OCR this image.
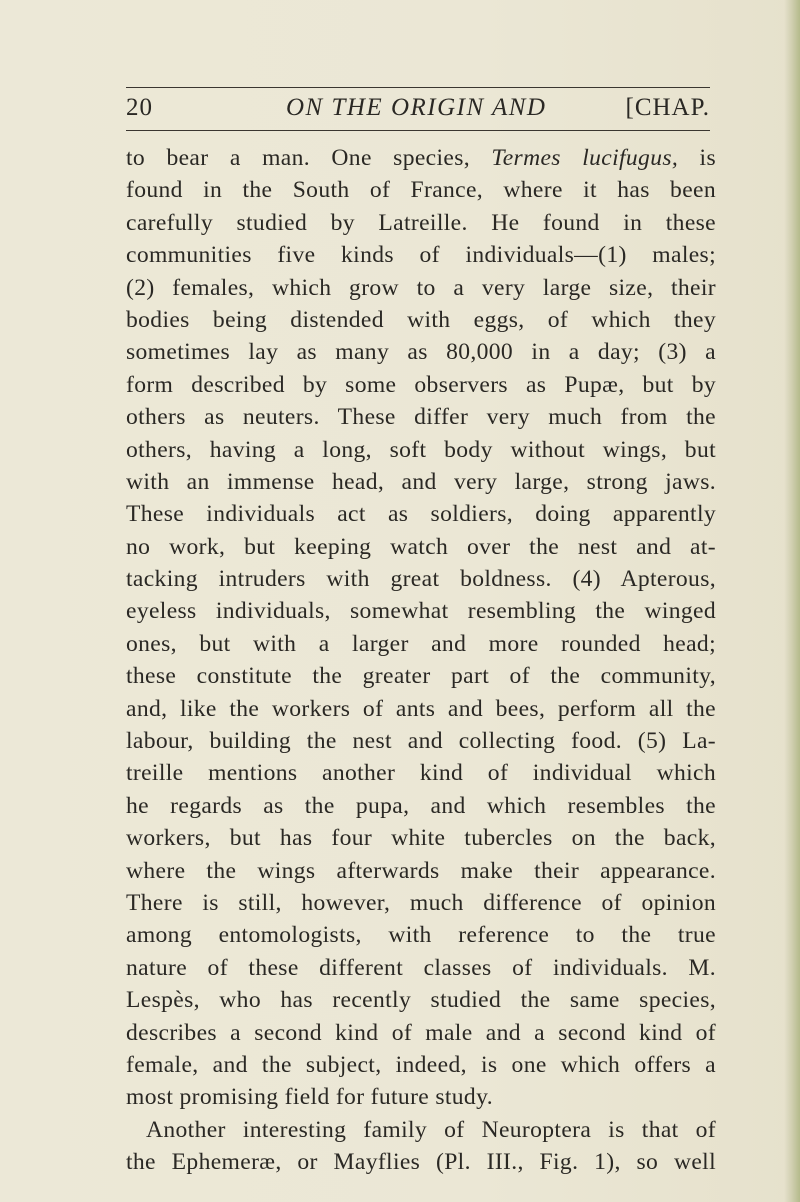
20	ON THE ORIGIN AND	[CHAP.
to bear a man. One species, Termes lucifugus, is
found in the South of France, where it has been
carefully studied by Latreille. He found in these
communities five kinds of individuals—(1) males;
(2) females, which grow to a very large size, their
bodies being distended with eggs, of which they
sometimes lay as many as 80,000 in a day; (3) a
form described by some observers as Pupæ, but by
others as neuters. These differ very much from the
others, having a long, soft body without wings, but
with an immense head, and very large, strong jaws.
These individuals act as soldiers, doing apparently
no work, but keeping watch over the nest and at-
tacking intruders with great boldness. (4) Apterous,
eyeless individuals, somewhat resembling the winged
ones, but with a larger and more rounded head;
these constitute the greater part of the community,
and, like the workers of ants and bees, perform all the
labour, building the nest and collecting food. (5) La-
treille mentions another kind of individual which
he regards as the pupa, and which resembles the
workers, but has four white tubercles on the back,
where the wings afterwards make their appearance.
There is still, however, much difference of opinion
among entomologists, with reference to the true
nature of these different classes of individuals. M.
Lespès, who has recently studied the same species,
describes a second kind of male and a second kind of
female, and the subject, indeed, is one which offers a
most promising field for future study.
Another interesting family of Neuroptera is that of
the Ephemeræ, or Mayflies (Pl. III., Fig. 1), so well
